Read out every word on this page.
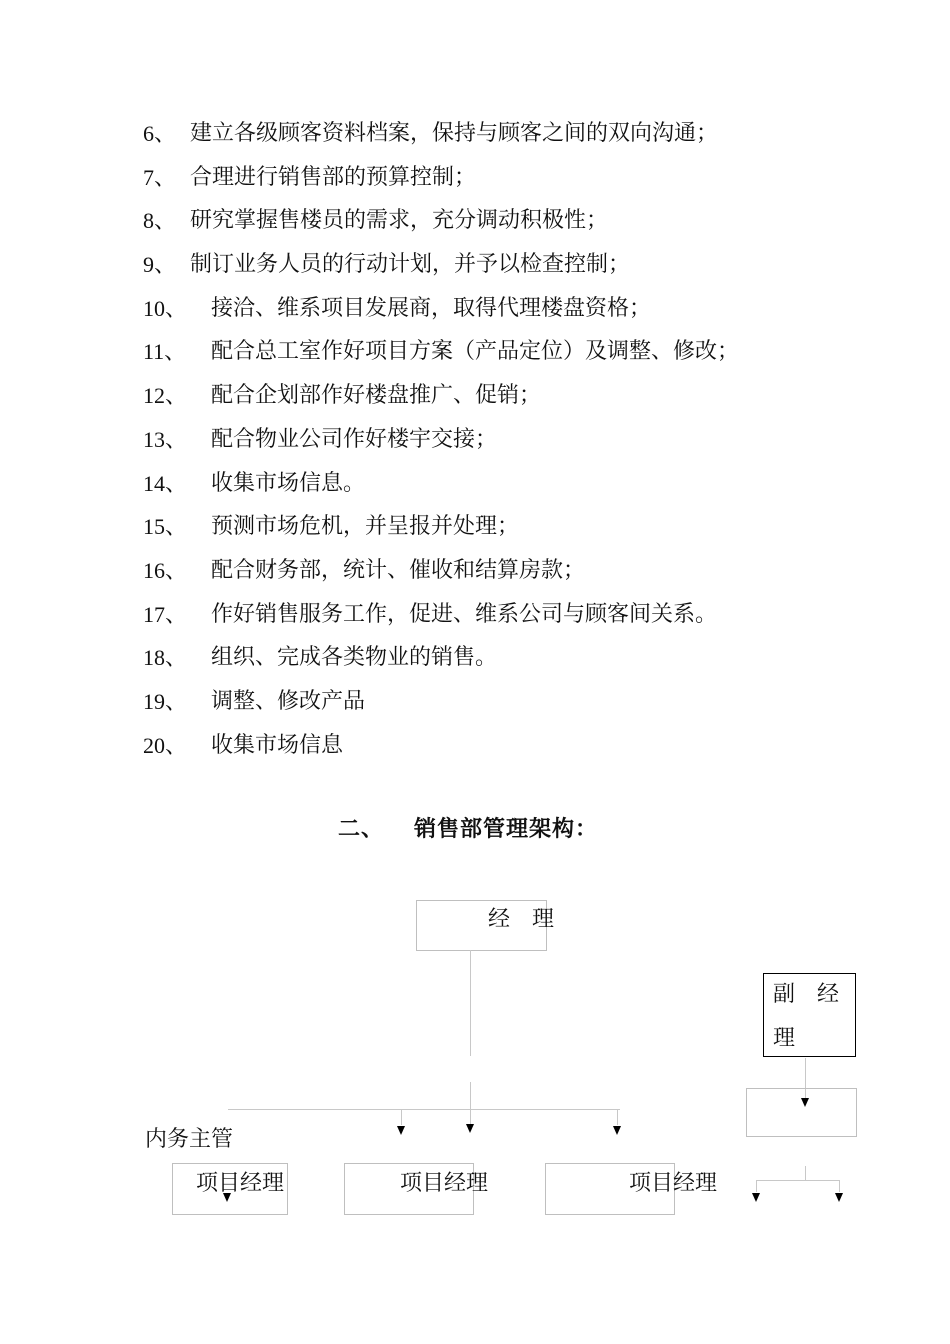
6、 建立各级顾客资料档案，保持与顾客之间的双向沟通；
7、 合理进行销售部的预算控制；
8、 研究掌握售楼员的需求，充分调动积极性；
9、 制订业务人员的行动计划，并予以检查控制；
10、	接洽、维系项目发展商，取得代理楼盘资格；
11、	配合总工室作好项目方案（产品定位）及调整、修改；
12、	配合企划部作好楼盘推广、促销；
13、	配合物业公司作好楼宇交接；
14、	收集市场信息。
15、	预测市场危机，并呈报并处理；
16、	配合财务部，统计、催收和结算房款；
17、	作好销售服务工作，促进、维系公司与顾客间关系。
18、	组织、完成各类物业的销售。
19、	调整、修改产品
20、	收集市场信息
二、 销售部管理架构：
经　理
副　经
理
内务主管
项目经理	项目经理	项目经理
